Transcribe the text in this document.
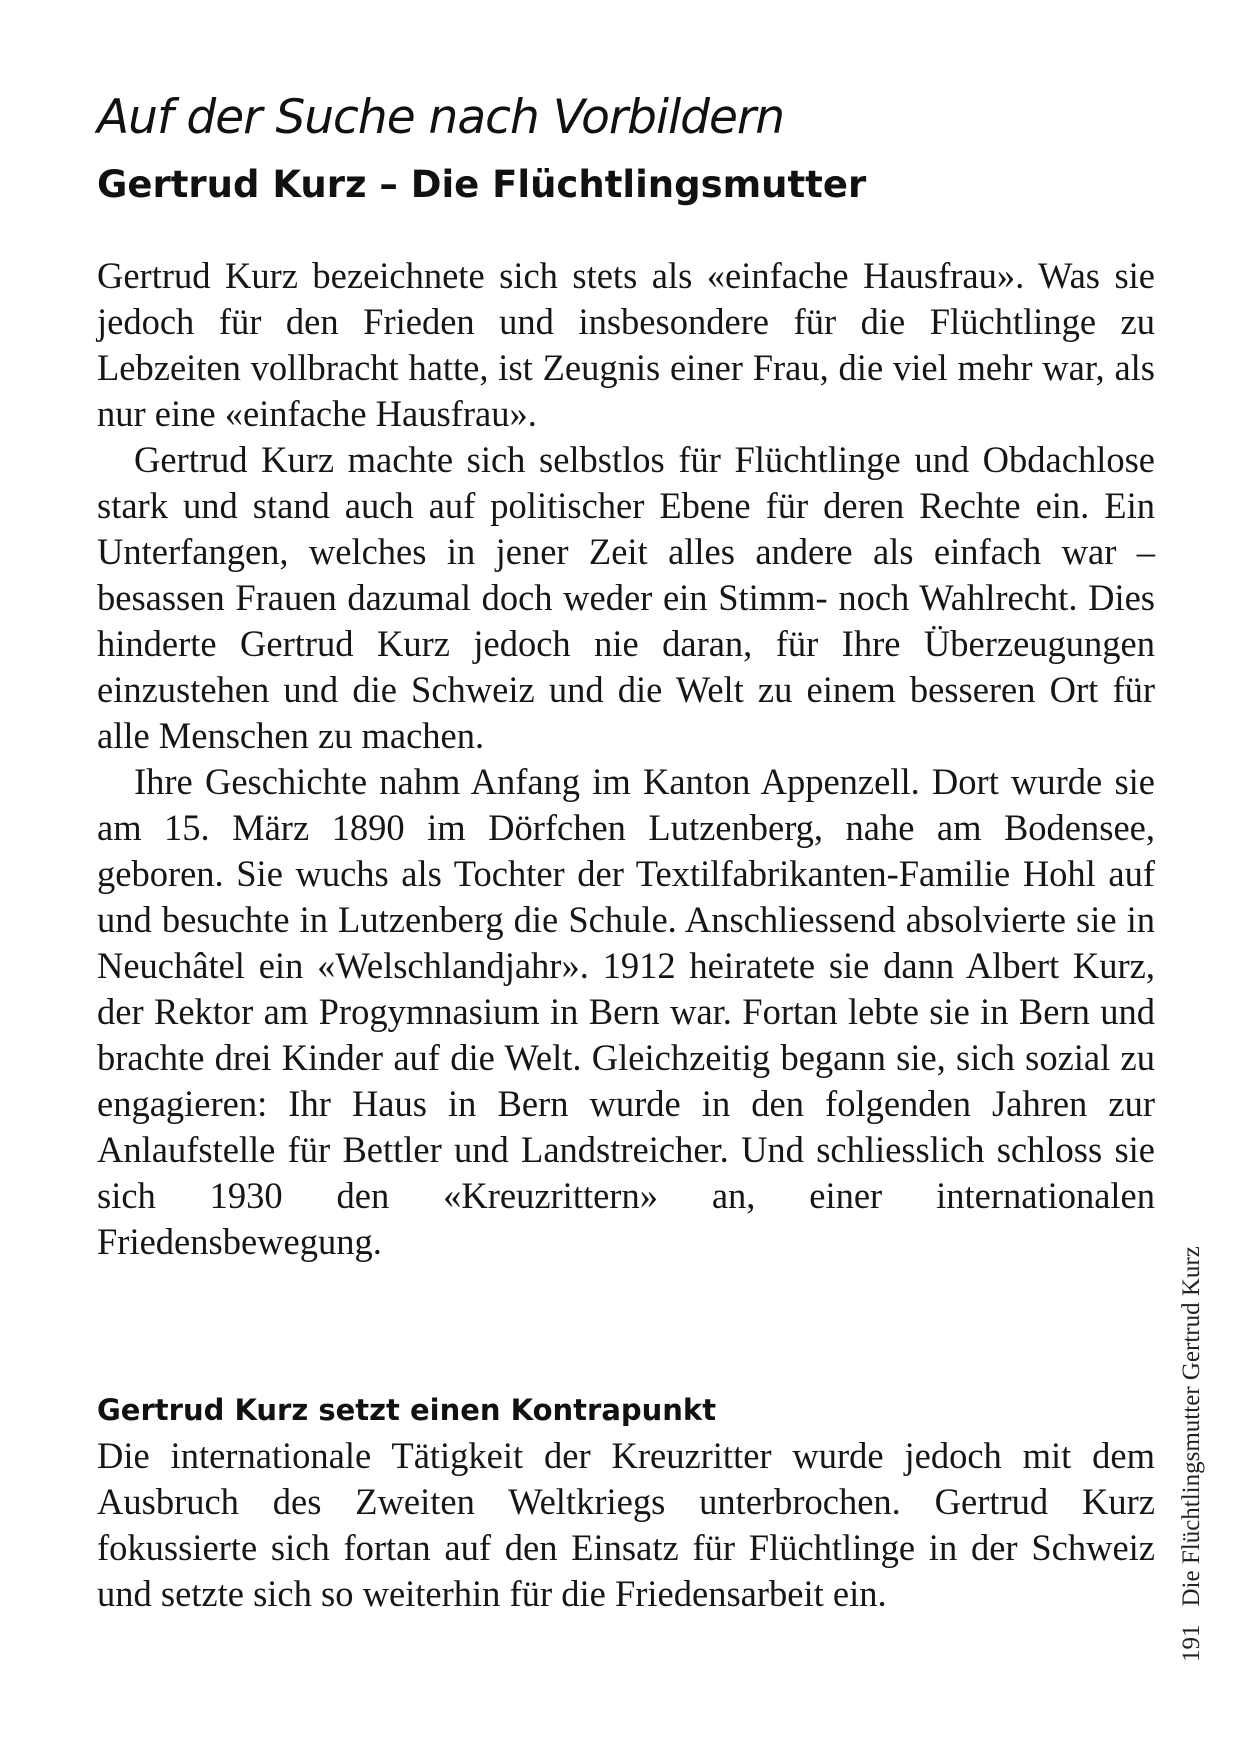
Auf der Suche nach Vorbildern
Gertrud Kurz – Die Flüchtlingsmutter

Gertrud Kurz bezeichnete sich stets als «einfache Hausfrau». Was sie jedoch für den Frieden und insbesondere für die Flüchtlinge zu Lebzeiten vollbracht hatte, ist Zeugnis einer Frau, die viel mehr war, als nur eine «einfache Hausfrau».

Gertrud Kurz machte sich selbstlos für Flüchtlinge und Obdachlose stark und stand auch auf politischer Ebene für deren Rechte ein. Ein Unterfangen, welches in jener Zeit alles andere als einfach war – besassen Frauen dazumal doch weder ein Stimm- noch Wahlrecht. Dies hinderte Gertrud Kurz jedoch nie daran, für Ihre Überzeugungen einzustehen und die Schweiz und die Welt zu einem besseren Ort für alle Menschen zu machen.

Ihre Geschichte nahm Anfang im Kanton Appenzell. Dort wurde sie am 15. März 1890 im Dörfchen Lutzenberg, nahe am Bodensee, geboren. Sie wuchs als Tochter der Textilfabrikanten-Familie Hohl auf und besuchte in Lutzenberg die Schule. Anschliessend absolvierte sie in Neuchâtel ein «Welschlandjahr». 1912 heiratete sie dann Albert Kurz, der Rektor am Progymnasium in Bern war. Fortan lebte sie in Bern und brachte drei Kinder auf die Welt. Gleichzeitig begann sie, sich sozial zu engagieren: Ihr Haus in Bern wurde in den folgenden Jahren zur Anlaufstelle für Bettler und Landstreicher. Und schliesslich schloss sie sich 1930 den «Kreuzrittern» an, einer internationalen Friedensbewegung.

Gertrud Kurz setzt einen Kontrapunkt

Die internationale Tätigkeit der Kreuzritter wurde jedoch mit dem Ausbruch des Zweiten Weltkriegs unterbrochen. Gertrud Kurz fokussierte sich fortan auf den Einsatz für Flüchtlinge in der Schweiz und setzte sich so weiterhin für die Friedensarbeit ein.

191Die Flüchtlingsmutter Gertrud Kurz
